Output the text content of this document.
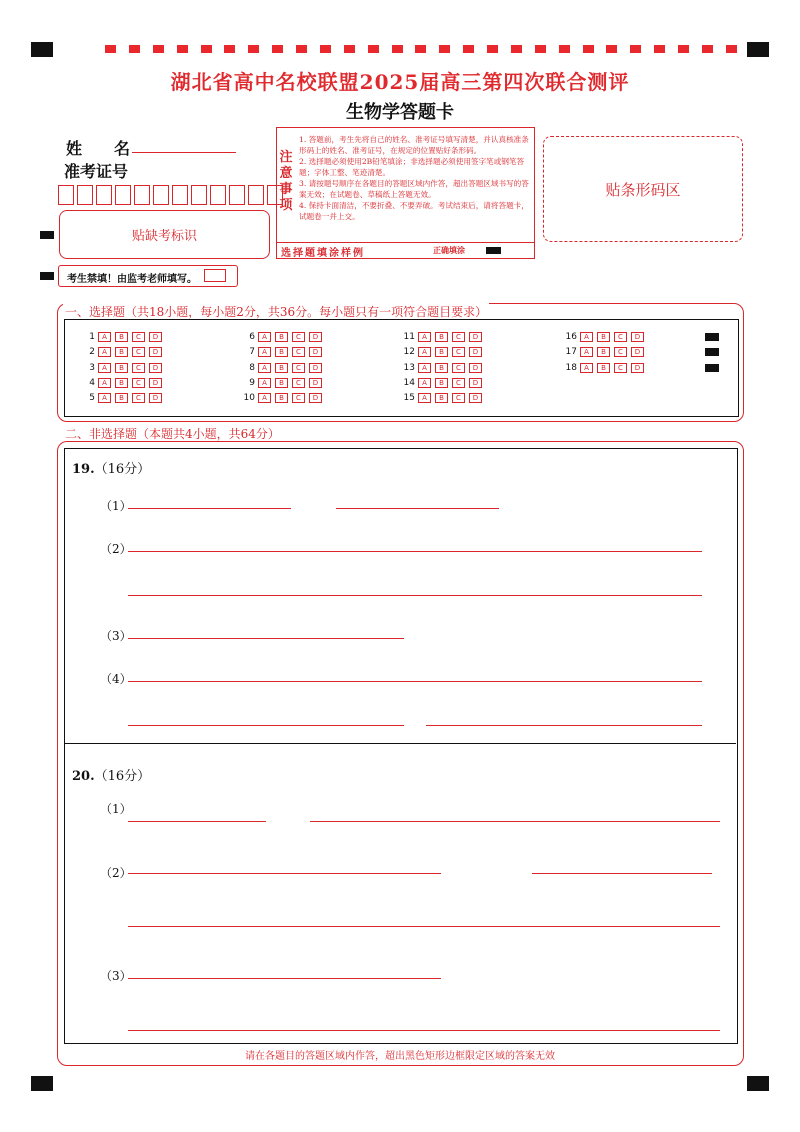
湖北省高中名校联盟2025届高三第四次联合测评
生物学答题卡
姓　　名
准考证号
贴缺考标识
考生禁填！由监考老师填写。
注意事项
1. 答题前，考生先将自己的姓名、准考证号填写清楚，并认真核准条形码上的姓名、准考证号，在规定的位置贴好条形码。
2. 选择题必须使用2B铅笔填涂；非选择题必须使用签字笔或钢笔答题；字体工整、笔迹清楚。
3. 请按题号顺序在各题目的答题区域内作答，超出答题区域书写的答案无效；在试题卷、草稿纸上答题无效。
4. 保持卡面清洁，不要折叠、不要弄破。考试结束后，请将答题卡，试题卷一并上交。
选择题填涂样例	正确填涂
贴条形码区
一、选择题（共18小题，每小题2分，共36分。每小题只有一项符合题目要求）
1	A	B	C	D
2	A	B	C	D
3	A	B	C	D
4	A	B	C	D
5	A	B	C	D
6	A	B	C	D
7	A	B	C	D
8	A	B	C	D
9	A	B	C	D
10	A	B	C	D
11	A	B	C	D
12	A	B	C	D
13	A	B	C	D
14	A	B	C	D
15	A	B	C	D
16	A	B	C	D
17	A	B	C	D
18	A	B	C	D
二、非选择题（本题共4小题，共64分）
19.（16分）
（1）
（2）
（3）
（4）
20.（16分）
（1）
（2）
（3）
请在各题目的答题区域内作答，超出黑色矩形边框限定区域的答案无效
